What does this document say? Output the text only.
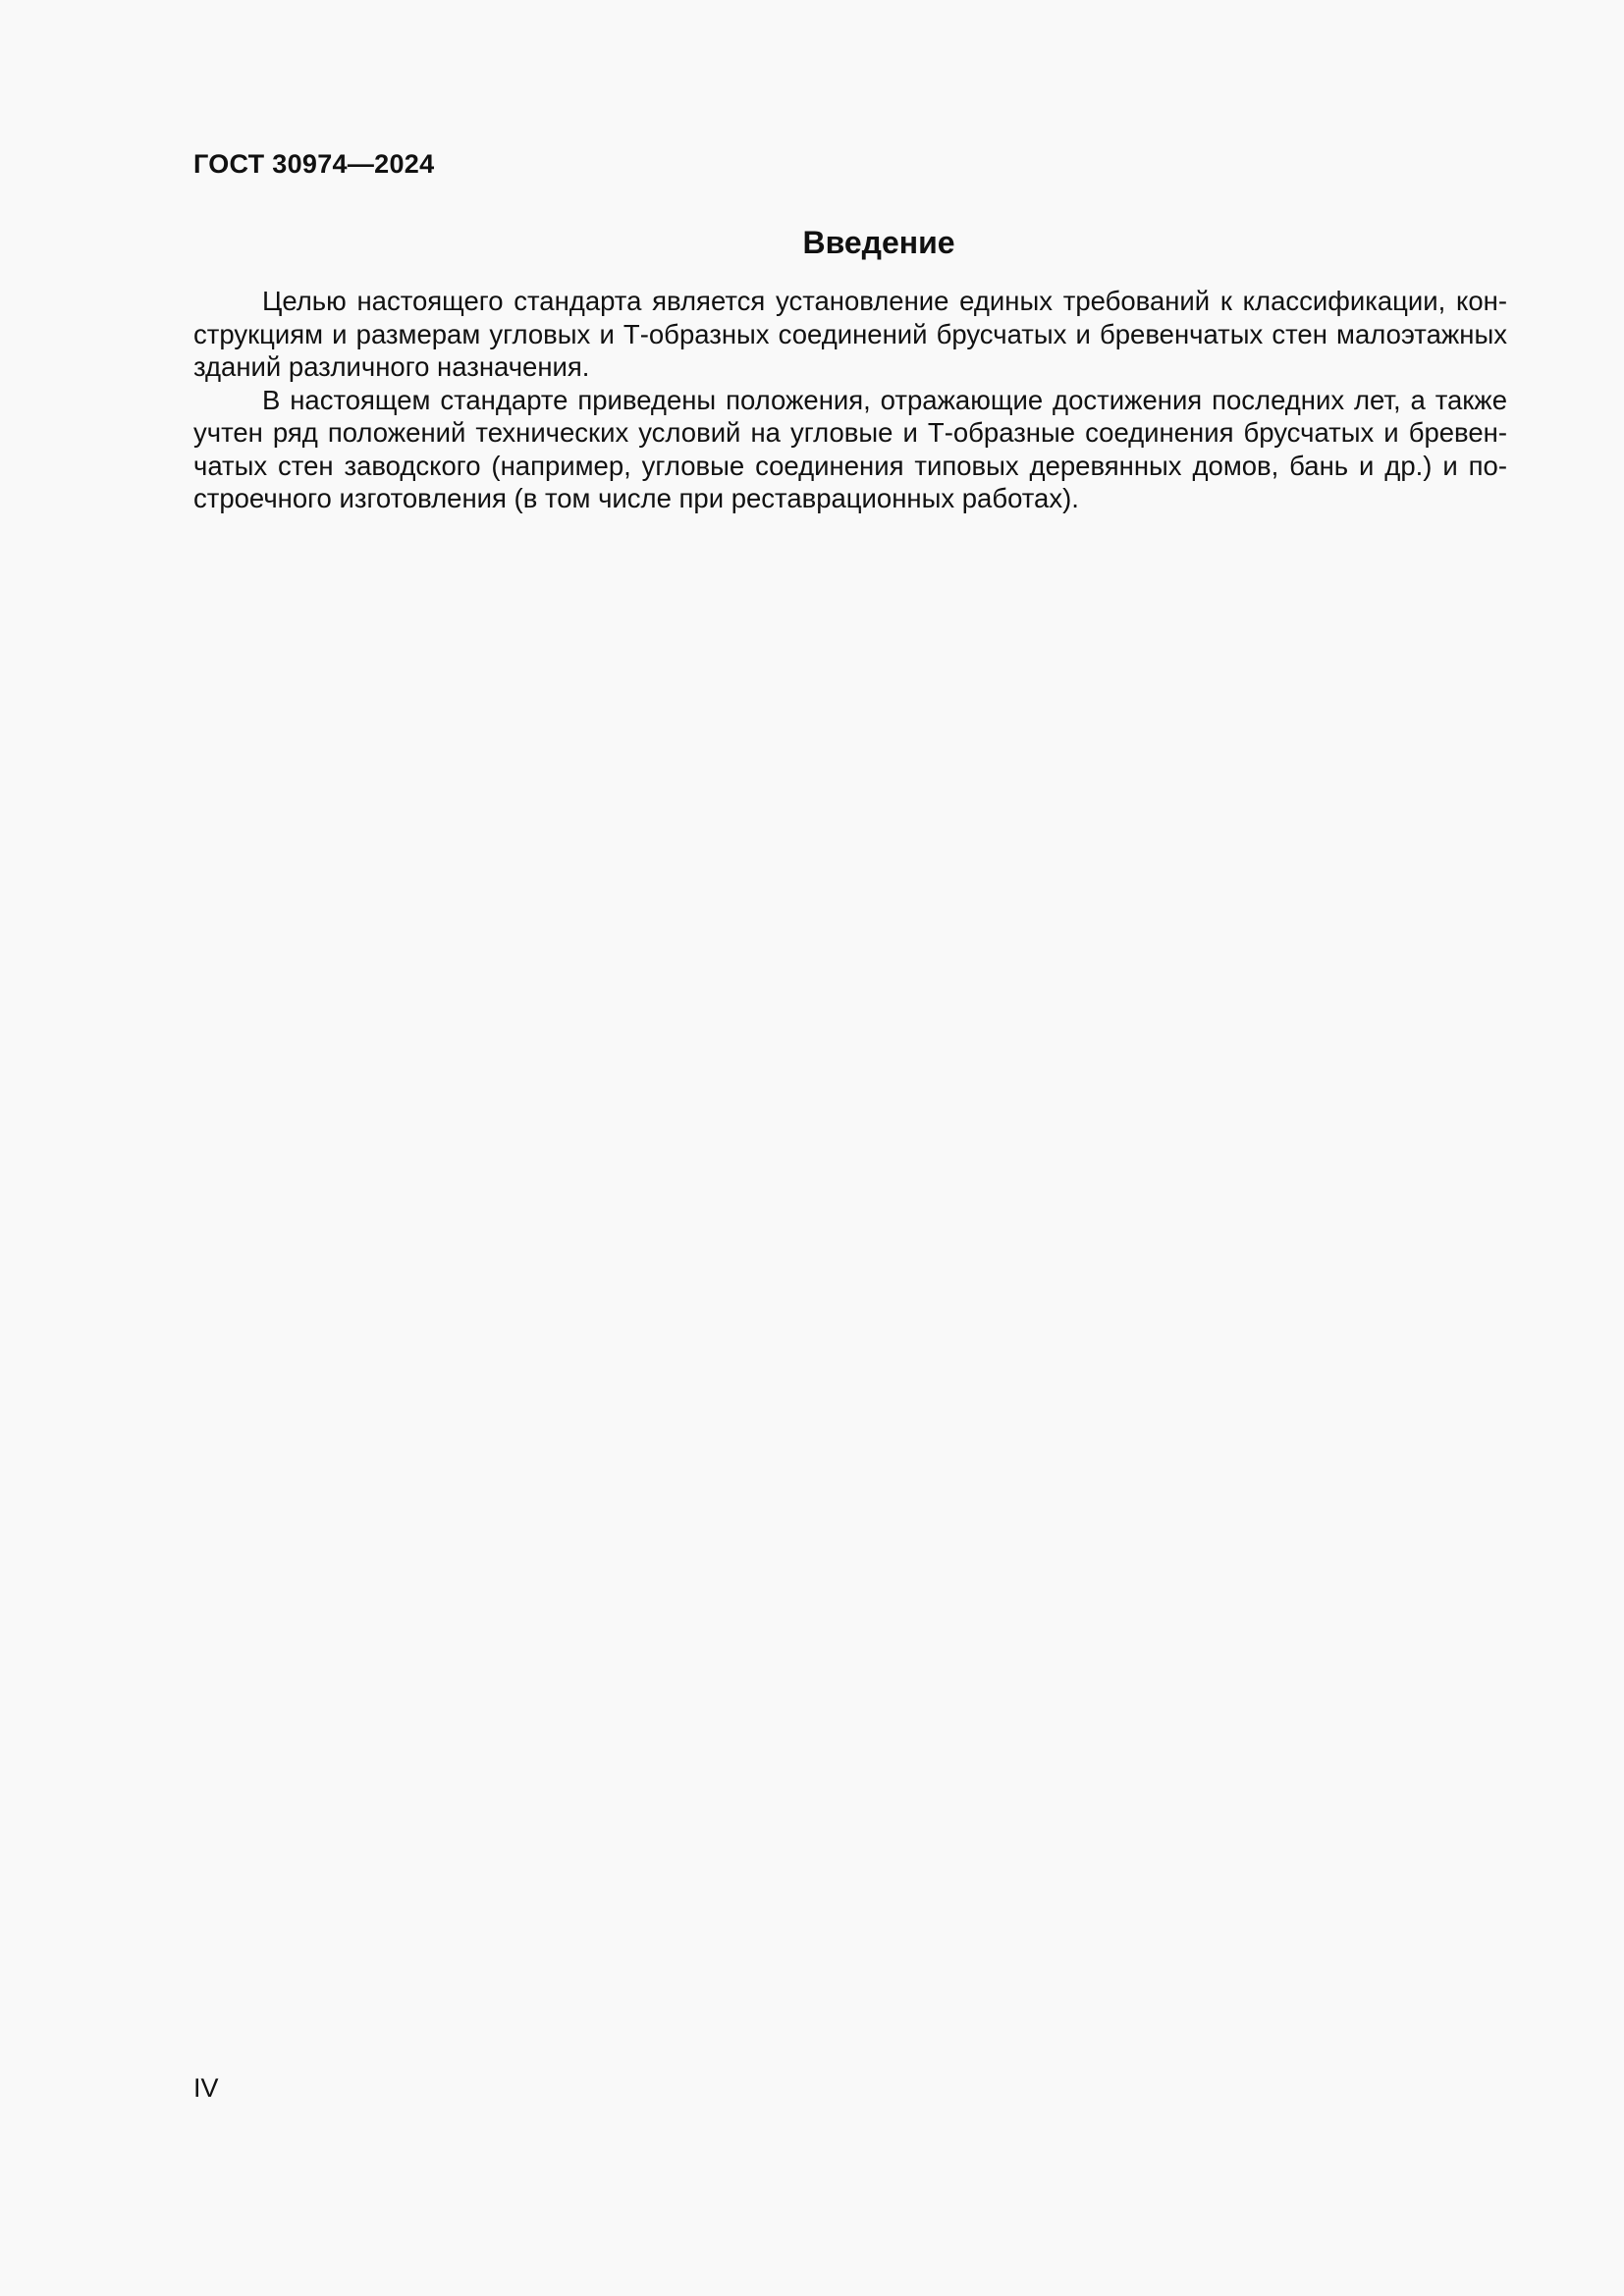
ГОСТ 30974—2024
Введение

Целью настоящего стандарта является установление единых требований к классификации, конструкциям и размерам угловых и Т-образных соединений брусчатых и бревенчатых стен малоэтажных зданий различного назначения.

В настоящем стандарте приведены положения, отражающие достижения последних лет, а также учтен ряд положений технических условий на угловые и Т-образные соединения брусчатых и бревенчатых стен заводского (например, угловые соединения типовых деревянных домов, бань и др.) и построечного изготовления (в том числе при реставрационных работах).

IV
